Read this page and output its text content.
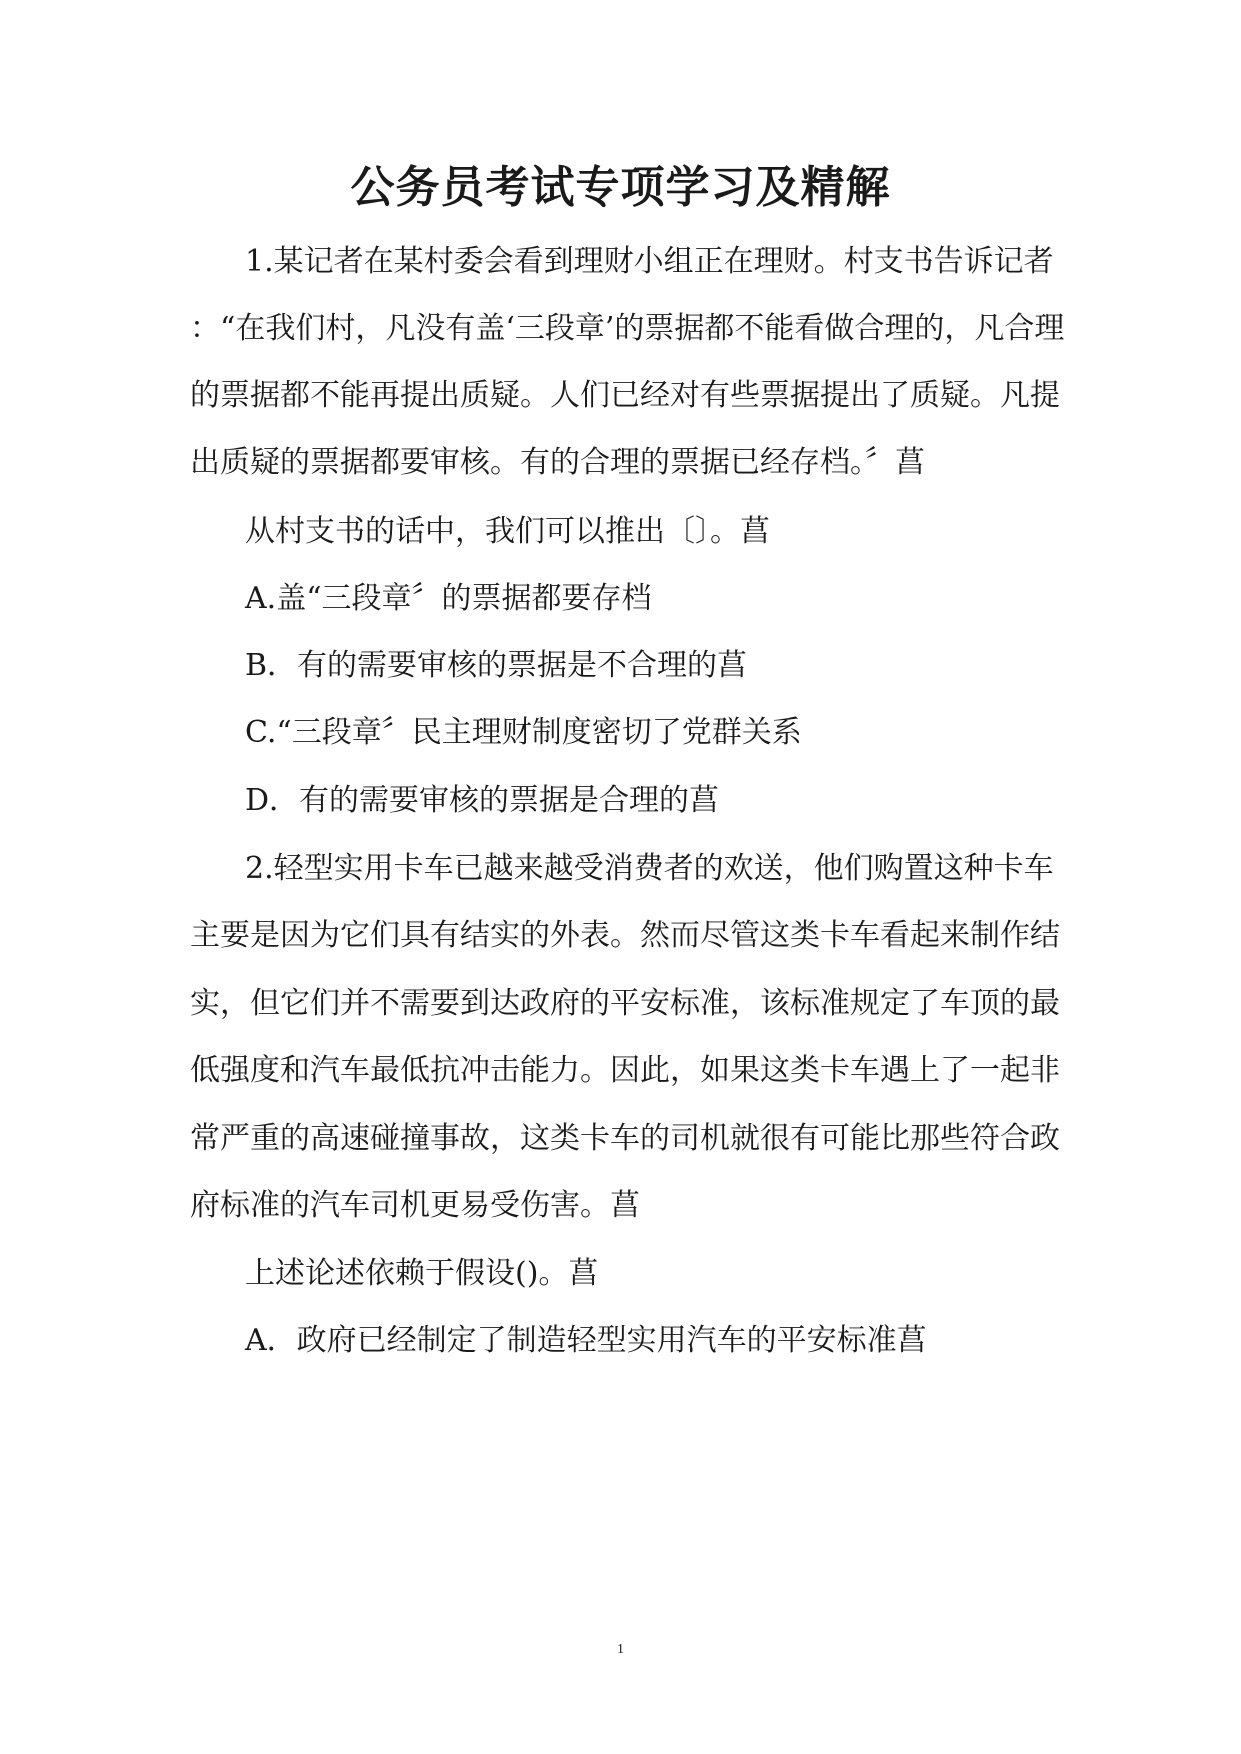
公务员考试专项学习及精解
1.某记者在某村委会看到理财小组正在理财。村支书告诉记者
：“在我们村，凡没有盖‘三段章’的票据都不能看做合理的，凡合理
的票据都不能再提出质疑。人们已经对有些票据提出了质疑。凡提
出质疑的票据都要审核。有的合理的票据已经存档。〞菖
从村支书的话中，我们可以推出〔〕。菖
A.盖“三段章〞的票据都要存档
B．有的需要审核的票据是不合理的菖
C.“三段章〞民主理财制度密切了党群关系
D．有的需要审核的票据是合理的菖
2.轻型实用卡车已越来越受消费者的欢送，他们购置这种卡车
主要是因为它们具有结实的外表。然而尽管这类卡车看起来制作结
实，但它们并不需要到达政府的平安标准，该标准规定了车顶的最
低强度和汽车最低抗冲击能力。因此，如果这类卡车遇上了一起非
常严重的高速碰撞事故，这类卡车的司机就很有可能比那些符合政
府标准的汽车司机更易受伤害。菖
上述论述依赖于假设()。菖
A．政府已经制定了制造轻型实用汽车的平安标准菖
1
